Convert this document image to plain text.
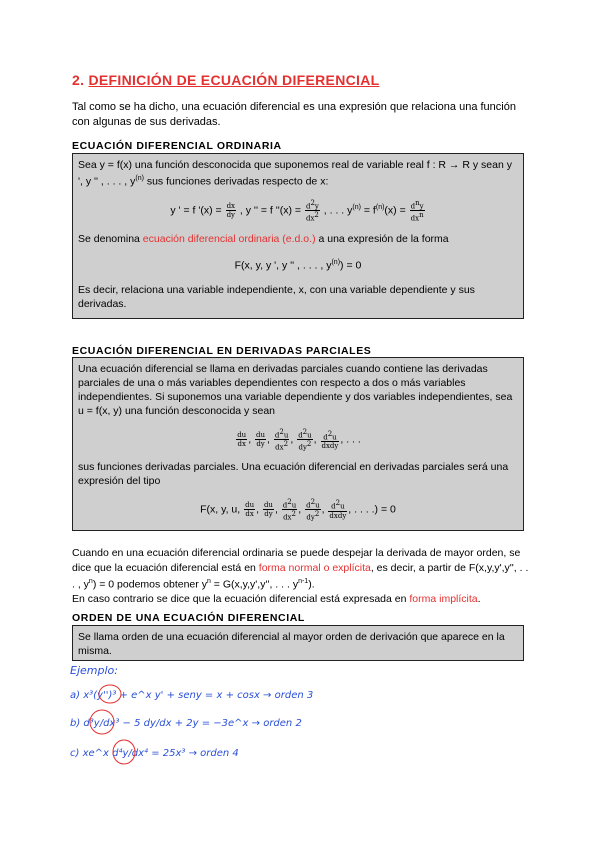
2. DEFINICIÓN DE ECUACIÓN DIFERENCIAL
Tal como se ha dicho, una ecuación diferencial es una expresión que relaciona una función con algunas de sus derivadas.
ECUACIÓN DIFERENCIAL ORDINARIA
Sea y = f(x) una función desconocida que suponemos real de variable real f : R → R y sean y ', y '' , . . . , $y^{(n)}$ sus funciones derivadas respecto de x:
y ' = f '$(x) = \frac{dx}{dy}$ , y '' = f ''$(x) = \frac{d^2y}{dx^2}$ , . . . $y^{(n)} = f^{(n)}(x) = \frac{d^ny}{dx^n}$
Se denomina ecuación diferencial ordinaria (e.d.o.) a una expresión de la forma
F(x, y, y ', y '' , . . . , $y^{(n)}) = 0$
Es decir, relaciona una variable independiente, x, con una variable dependiente y sus derivadas.
ECUACIÓN DIFERENCIAL EN DERIVADAS PARCIALES
Una ecuación diferencial se llama en derivadas parciales cuando contiene las derivadas parciales de una o más variables dependientes con respecto a dos o más variables independientes. Si suponemos una variable dependiente y dos variables independientes, sea u = f(x, y) una función desconocida y sean
$\frac{du}{dx}$ , $\frac{du}{dy}$ , $\frac{d^2u}{dx^2}$ , $\frac{d^2u}{dy^2}$ , $\frac{d^2u}{\text{dxdy}}$ , . . .
sus funciones derivadas parciales. Una ecuación diferencial en derivadas parciales será una expresión del tipo
F(x, y, u, $\frac{du}{dx}$ , $\frac{du}{dy}$ , $\frac{d^2u}{dx^2}$ , $\frac{d^2u}{dy^2}$ , $\frac{d^2u}{\text{dxdy}}$ , . . . .) = 0
Cuando en una ecuación diferencial ordinaria se puede despejar la derivada de mayor orden, se dice que la ecuación diferencial está en forma normal o explícita, es decir, a partir de F(x,y,y',y'', . . . , $y^n) = 0$ podemos obtener $y^n = G(x,y,y',y''$, . . . $y^{n-1}$).
En caso contrario se dice que la ecuación diferencial está expresada en forma implícita.
ORDEN DE UNA ECUACIÓN DIFERENCIAL
Se llama orden de una ecuación diferencial al mayor orden de derivación que aparece en la misma.
Ejemplo:
a) x³(y'')³ + e^x y' + seny = x + cosx → orden 3
b) d³y/dx³ − 5 dy/dx + 2y = −3e^x → orden 2
c) xe^x d⁴y/dx⁴ = 25x³ → orden 4
